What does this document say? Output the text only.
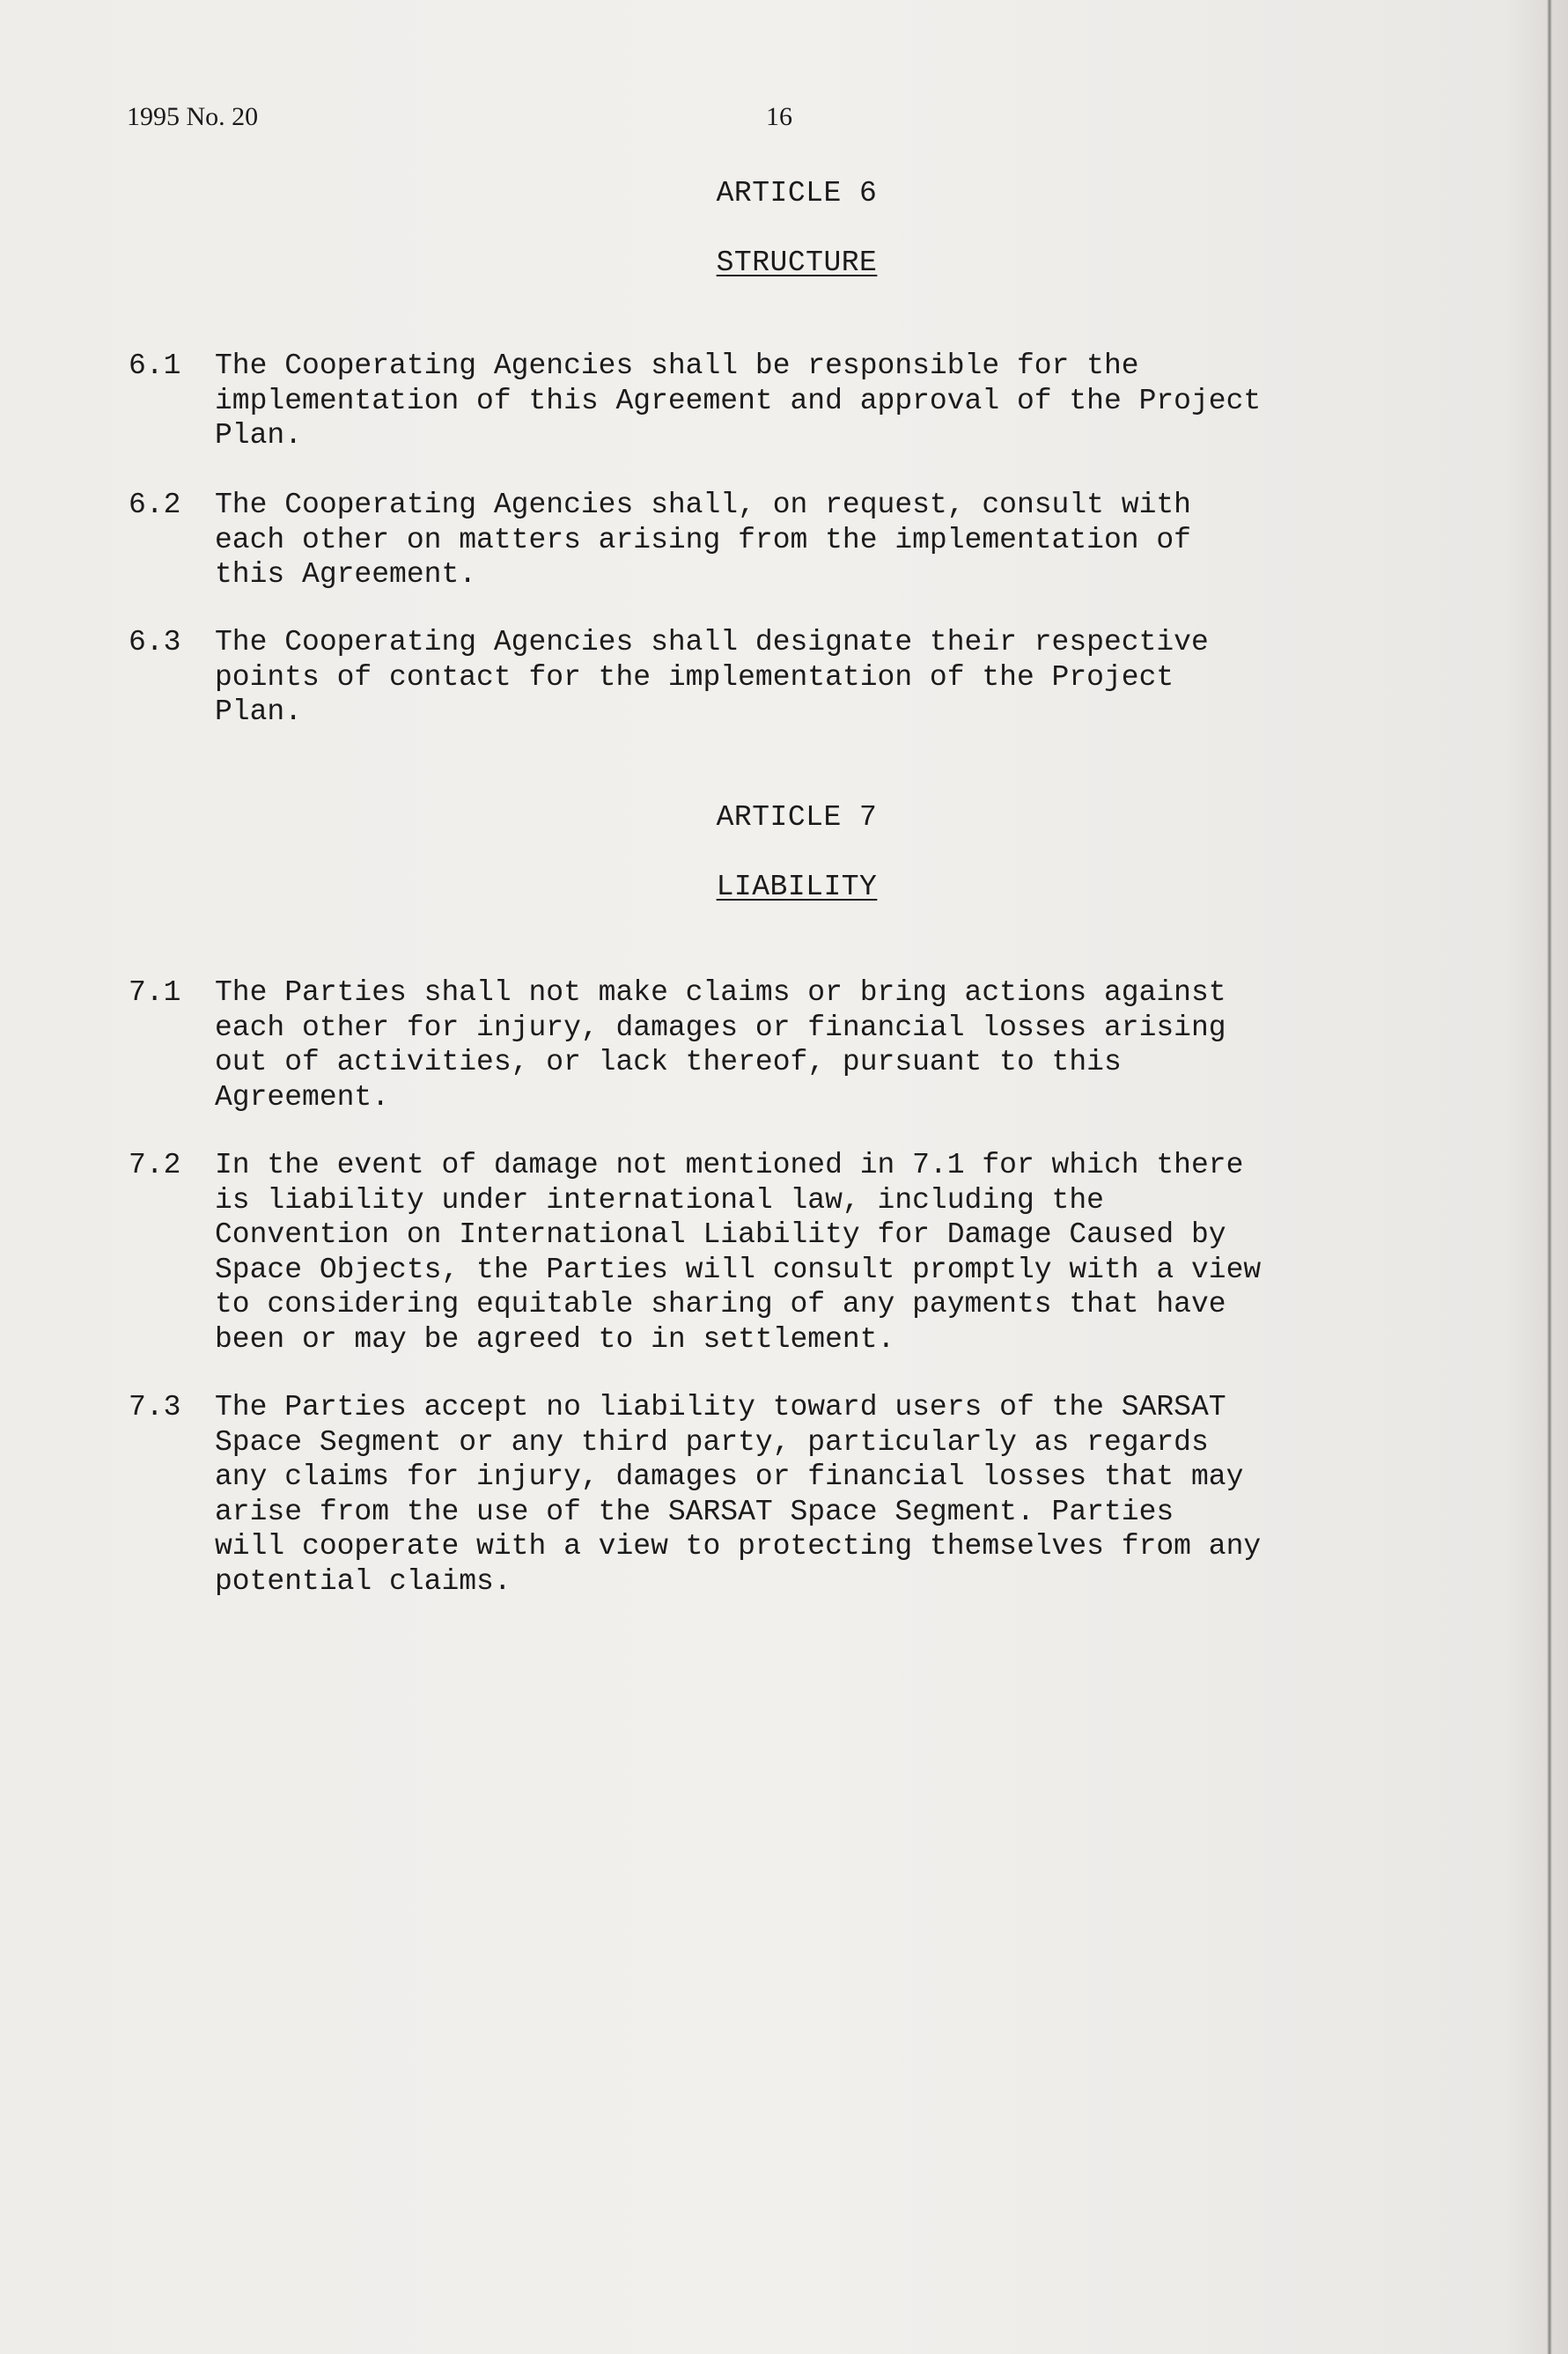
1995 No. 20	16
ARTICLE 6
STRUCTURE
6.1 The Cooperating Agencies shall be responsible for the
implementation of this Agreement and approval of the Project
Plan.
6.2 The Cooperating Agencies shall, on request, consult with
each other on matters arising from the implementation of
this Agreement.
6.3 The Cooperating Agencies shall designate their respective
points of contact for the implementation of the Project
Plan.
ARTICLE 7
LIABILITY
7.1 The Parties shall not make claims or bring actions against
each other for injury, damages or financial losses arising
out of activities, or lack thereof, pursuant to this
Agreement.
7.2 In the event of damage not mentioned in 7.1 for which there
is liability under international law, including the
Convention on International Liability for Damage Caused by
Space Objects, the Parties will consult promptly with a view
to considering equitable sharing of any payments that have
been or may be agreed to in settlement.
7.3 The Parties accept no liability toward users of the SARSAT
Space Segment or any third party, particularly as regards
any claims for injury, damages or financial losses that may
arise from the use of the SARSAT Space Segment. Parties
will cooperate with a view to protecting themselves from any
potential claims.
